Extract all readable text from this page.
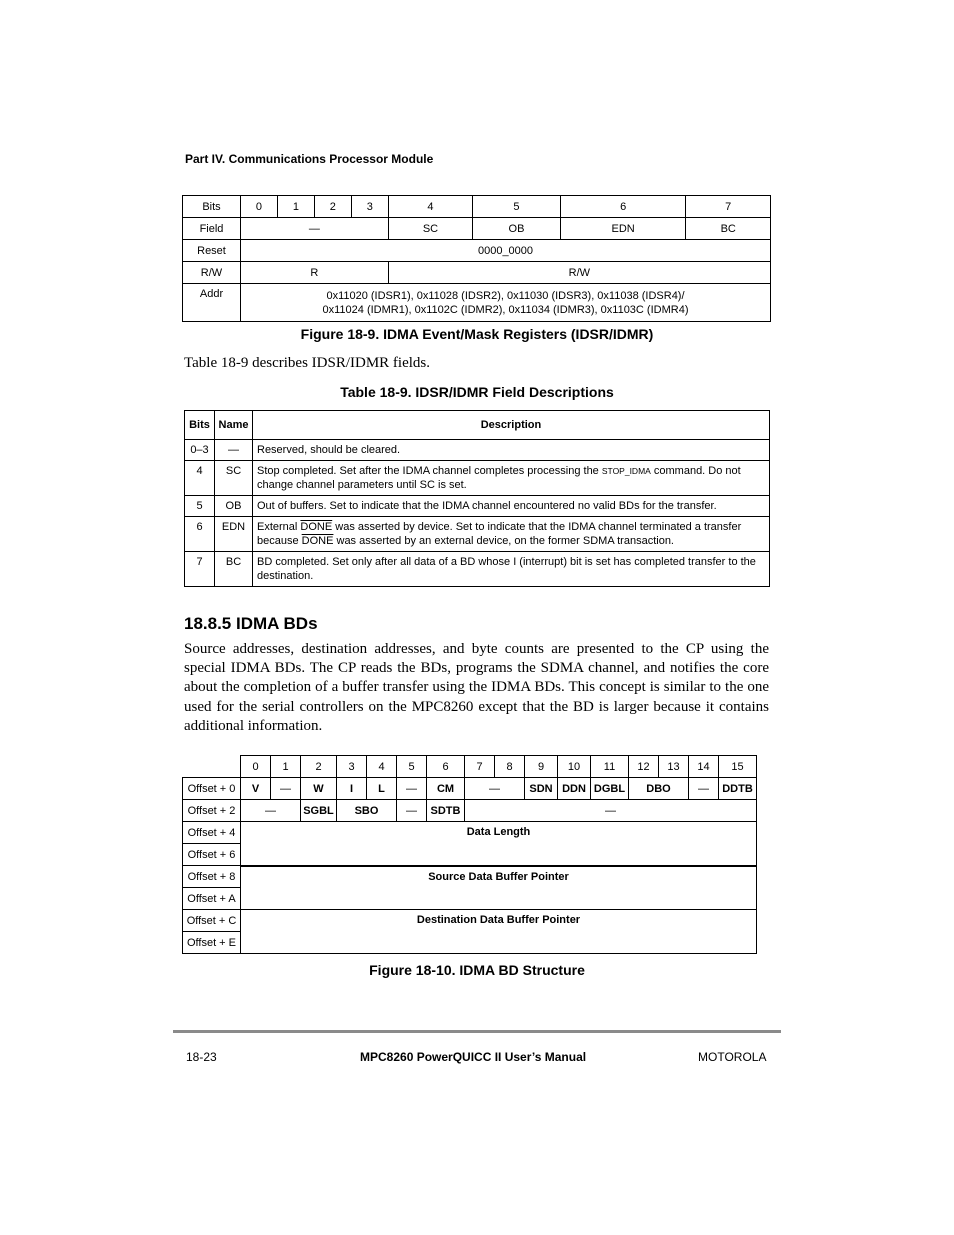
Part IV. Communications Processor Module
Bits	0	1	2	3	4	5	6	7
Field	—				SC	OB	EDN	BC
Reset	0000_0000							
R/W	R				R/W			
Addr	0x11020 (IDSR1), 0x11028 (IDSR2), 0x11030 (IDSR3), 0x11038 (IDSR4)/
0x11024 (IDMR1), 0x1102C (IDMR2), 0x11034 (IDMR3), 0x1103C (IDMR4)							
Figure 18-9. IDMA Event/Mask Registers (IDSR/IDMR)
Table 18-9 describes IDSR/IDMR fields.
Table 18-9. IDSR/IDMR Field Descriptions
Bits	Name	Description
0–3	—	Reserved, should be cleared.
4	SC	Stop completed. Set after the IDMA channel completes processing the STOP_IDMA command. Do not change channel parameters until SC is set.
5	OB	Out of buffers. Set to indicate that the IDMA channel encountered no valid BDs for the transfer.
6	EDN	External DONE was asserted by device. Set to indicate that the IDMA channel terminated a transfer because DONE was asserted by an external device, on the former SDMA transaction.
7	BC	BD completed. Set only after all data of a BD whose I (interrupt) bit is set has completed transfer to the destination.
18.8.5 IDMA BDs
Source addresses, destination addresses, and byte counts are presented to the CP using the special IDMA BDs. The CP reads the BDs, programs the SDMA channel, and notifies the core about the completion of a buffer transfer using the IDMA BDs. This concept is similar to the one used for the serial controllers on the MPC8260 except that the BD is larger because it contains additional information.
	0	1	2	3	4	5	6	7	8	9	10	11	12	13	14	15
Offset + 0	V	—	W	I	L	—	CM	—		SDN	DDN	DGBL	DBO		—	DDTB
Offset + 2	—		SGBL	SBO		—	SDTB	—								
Offset + 4	Data Length															
Offset + 6																
Offset + 8	Source Data Buffer Pointer															
Offset + A																
Offset + C	Destination Data Buffer Pointer															
Offset + E																
Figure 18-10. IDMA BD Structure
18-23	MPC8260 PowerQUICC II User’s Manual	MOTOROLA
